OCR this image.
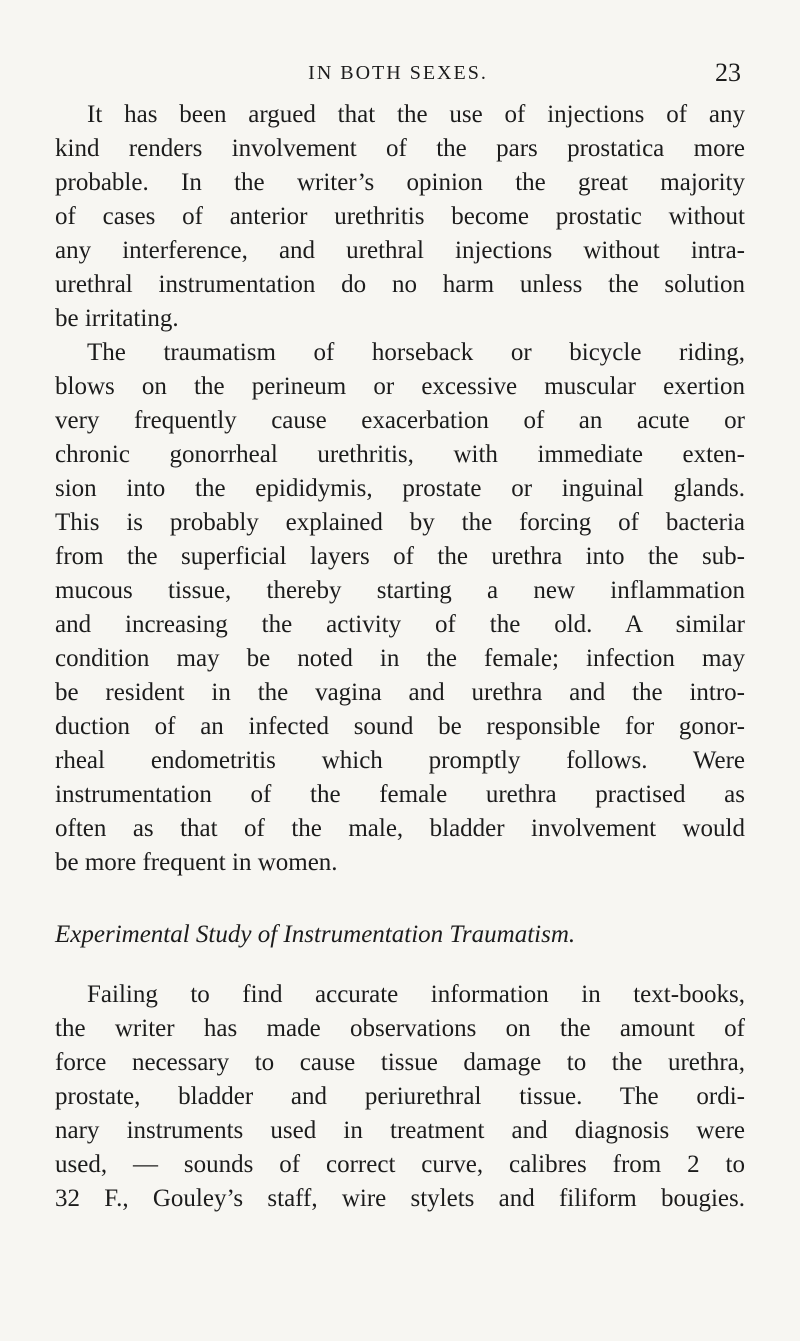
IN BOTH SEXES.	23
It has been argued that the use of injections of any
kind renders involvement of the pars prostatica more
probable. In the writer’s opinion the great majority
of cases of anterior urethritis become prostatic without
any interference, and urethral injections without intra-
urethral instrumentation do no harm unless the solution
be irritating.
The traumatism of horseback or bicycle riding,
blows on the perineum or excessive muscular exertion
very frequently cause exacerbation of an acute or
chronic gonorrheal urethritis, with immediate exten-
sion into the epididymis, prostate or inguinal glands.
This is probably explained by the forcing of bacteria
from the superficial layers of the urethra into the sub-
mucous tissue, thereby starting a new inflammation
and increasing the activity of the old. A similar
condition may be noted in the female; infection may
be resident in the vagina and urethra and the intro-
duction of an infected sound be responsible for gonor-
rheal endometritis which promptly follows. Were
instrumentation of the female urethra practised as
often as that of the male, bladder involvement would
be more frequent in women.
Experimental Study of Instrumentation Traumatism.
Failing to find accurate information in text-books,
the writer has made observations on the amount of
force necessary to cause tissue damage to the urethra,
prostate, bladder and periurethral tissue. The ordi-
nary instruments used in treatment and diagnosis were
used, — sounds of correct curve, calibres from 2 to
32 F., Gouley’s staff, wire stylets and filiform bougies.
